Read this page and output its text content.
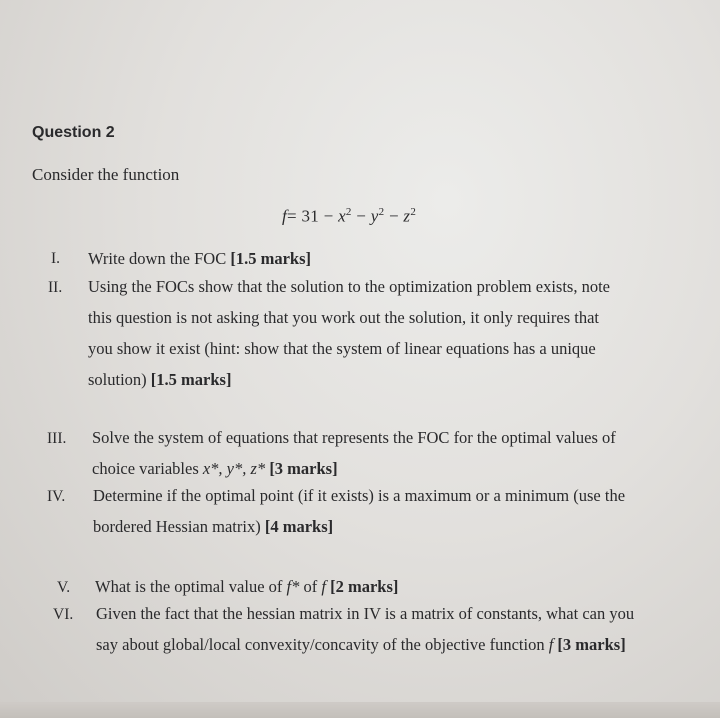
Question 2
Consider the function
$f= 31 - x^2 - y^2 - z^2$
I. Write down the FOC [1.5 marks]
II. Using the FOCs show that the solution to the optimization problem exists, note
this question is not asking that you work out the solution, it only requires that
you show it exist (hint: show that the system of linear equations has a unique
solution) [1.5 marks]
III. Solve the system of equations that represents the FOC for the optimal values of
choice variables x*, y*, z* [3 marks]
IV. Determine if the optimal point (if it exists) is a maximum or a minimum (use the
bordered Hessian matrix) [4 marks]
V. What is the optimal value of f* of f [2 marks]
VI. Given the fact that the hessian matrix in IV is a matrix of constants, what can you
say about global/local convexity/concavity of the objective function f [3 marks]
